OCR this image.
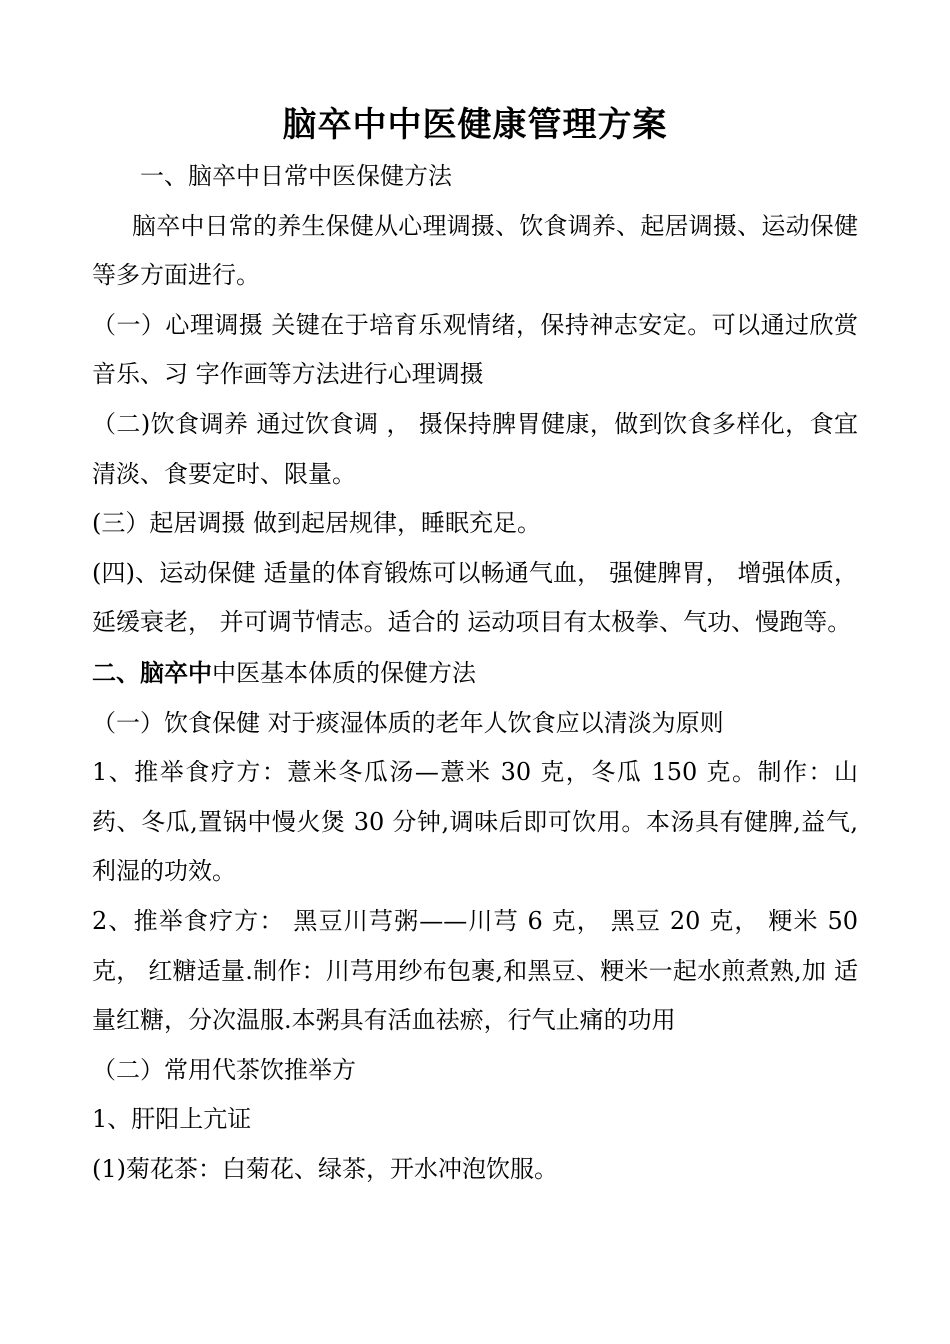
脑卒中中医健康管理方案

一、脑卒中日常中医保健方法

脑卒中日常的养生保健从心理调摄、饮食调养、起居调摄、运动保健等多方面进行。

（一）心理调摄 关键在于培育乐观情绪，保持神志安定。可以通过欣赏音乐、习 字作画等方法进行心理调摄

（二)饮食调养 通过饮食调 ， 摄保持脾胃健康，做到饮食多样化，食宜清淡、食要定时、限量。

(三）起居调摄 做到起居规律，睡眠充足。

(四)、运动保健 适量的体育锻炼可以畅通气血， 强健脾胃， 增强体质， 延缓衰老， 并可调节情志。适合的 运动项目有太极拳、气功、慢跑等。

二、脑卒中中医基本体质的保健方法

（一）饮食保健 对于痰湿体质的老年人饮食应以清淡为原则

1、推举食疗方：薏米冬瓜汤—薏米 30 克，冬瓜 150 克。制作：山药、冬瓜,置锅中慢火煲 30 分钟,调味后即可饮用。本汤具有健脾,益气,利湿的功效。

2、推举食疗方： 黑豆川芎粥——川芎 6 克， 黑豆 20 克， 粳米 50 克， 红糖适量.制作：川芎用纱布包裹,和黑豆、粳米一起水煎煮熟,加 适量红糖，分次温服.本粥具有活血祛瘀，行气止痛的功用

（二）常用代茶饮推举方

1、肝阳上亢证

(1)菊花茶：白菊花、绿茶，开水冲泡饮服。
